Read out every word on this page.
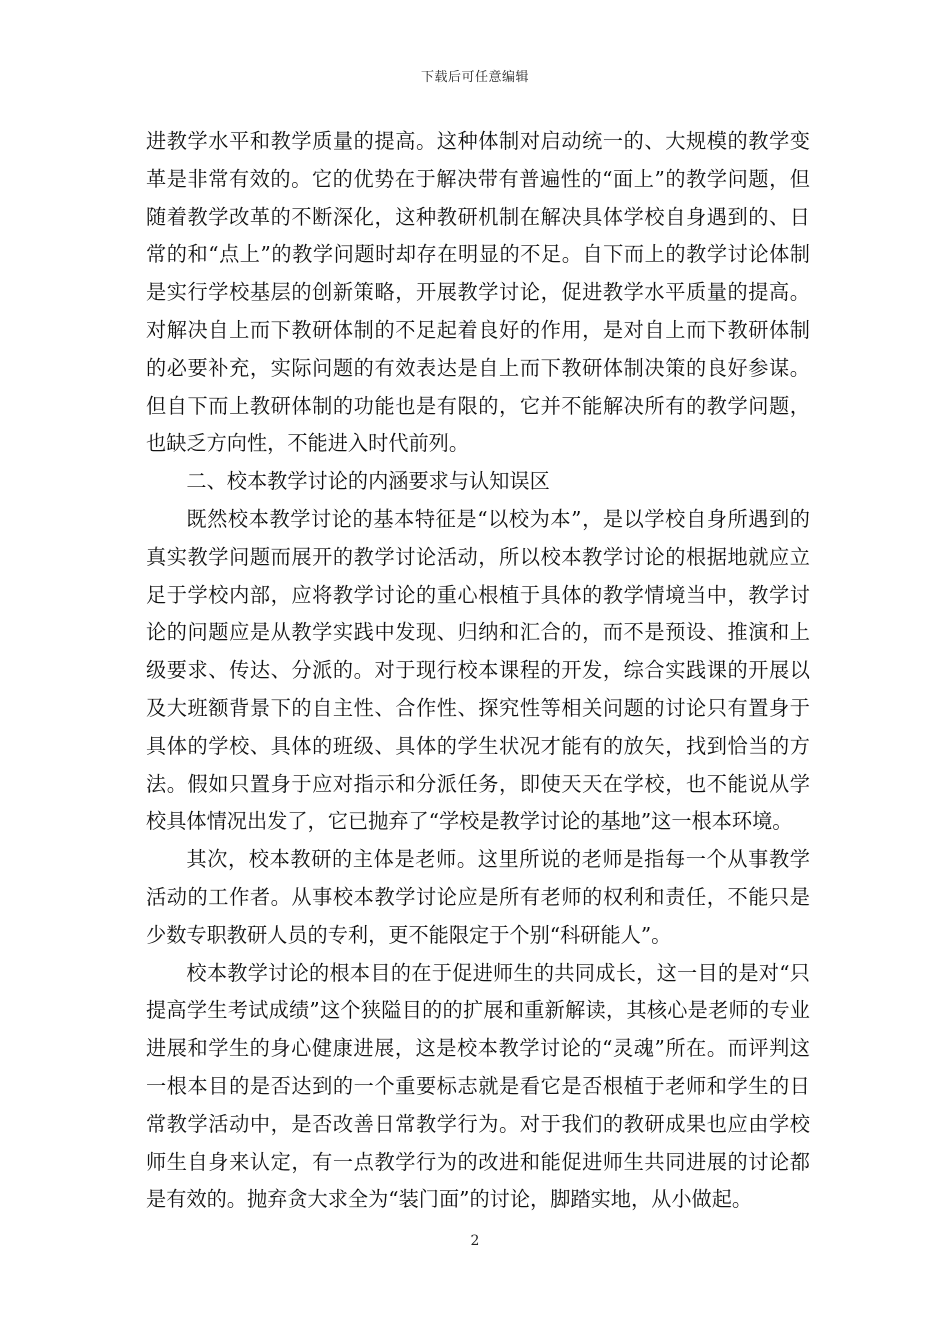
下载后可任意编辑

进教学水平和教学质量的提高。这种体制对启动统一的、大规模的教学变革是非常有效的。它的优势在于解决带有普遍性的“面上”的教学问题，但随着教学改革的不断深化，这种教研机制在解决具体学校自身遇到的、日常的和“点上”的教学问题时却存在明显的不足。自下而上的教学讨论体制是实行学校基层的创新策略，开展教学讨论，促进教学水平质量的提高。对解决自上而下教研体制的不足起着良好的作用，是对自上而下教研体制的必要补充，实际问题的有效表达是自上而下教研体制决策的良好参谋。但自下而上教研体制的功能也是有限的，它并不能解决所有的教学问题，也缺乏方向性，不能进入时代前列。

二、校本教学讨论的内涵要求与认知误区

既然校本教学讨论的基本特征是“以校为本”，是以学校自身所遇到的真实教学问题而展开的教学讨论活动，所以校本教学讨论的根据地就应立足于学校内部，应将教学讨论的重心根植于具体的教学情境当中，教学讨论的问题应是从教学实践中发现、归纳和汇合的，而不是预设、推演和上级要求、传达、分派的。对于现行校本课程的开发，综合实践课的开展以及大班额背景下的自主性、合作性、探究性等相关问题的讨论只有置身于具体的学校、具体的班级、具体的学生状况才能有的放矢，找到恰当的方法。假如只置身于应对指示和分派任务，即使天天在学校，也不能说从学校具体情况出发了，它已抛弃了“学校是教学讨论的基地”这一根本环境。

其次，校本教研的主体是老师。这里所说的老师是指每一个从事教学活动的工作者。从事校本教学讨论应是所有老师的权利和责任，不能只是少数专职教研人员的专利，更不能限定于个别“科研能人”。

校本教学讨论的根本目的在于促进师生的共同成长，这一目的是对“只提高学生考试成绩”这个狭隘目的的扩展和重新解读，其核心是老师的专业进展和学生的身心健康进展，这是校本教学讨论的“灵魂”所在。而评判这一根本目的是否达到的一个重要标志就是看它是否根植于老师和学生的日常教学活动中，是否改善日常教学行为。对于我们的教研成果也应由学校师生自身来认定，有一点教学行为的改进和能促进师生共同进展的讨论都是有效的。抛弃贪大求全为“装门面”的讨论，脚踏实地，从小做起。

2
